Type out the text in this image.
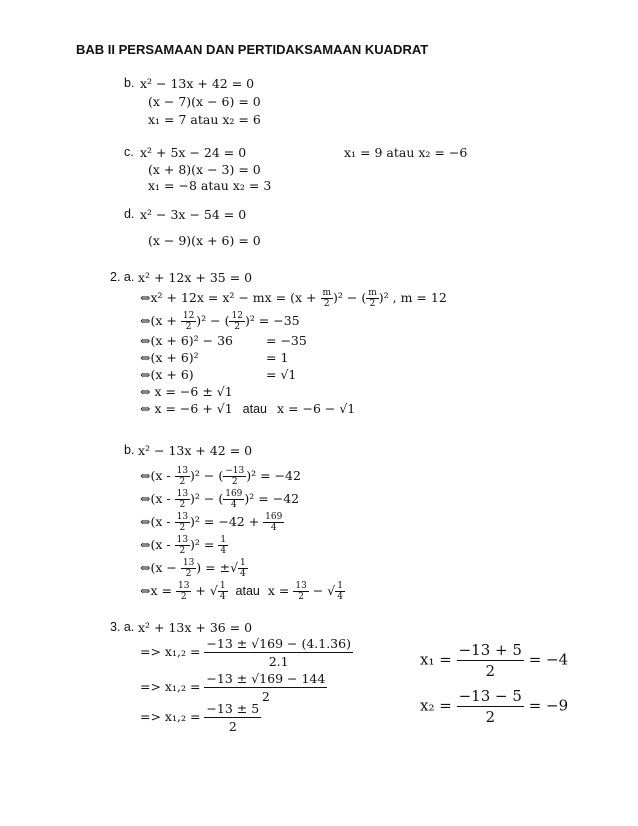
BAB II PERSAMAAN DAN PERTIDAKSAMAAN KUADRAT
b. x² − 13x + 42 = 0
(x − 7)(x − 6) = 0
x₁ = 7 atau x₂ = 6
c. x² + 5x − 24 = 0
(x + 8)(x − 3) = 0
x₁ = −8 atau x₂ = 3
x₁ = 9 atau x₂ = −6
d. x² − 3x − 54 = 0
(x − 9)(x + 6) = 0
2. a. x² + 12x + 35 = 0
⇔x² + 12x = x² − mx = $(x + \frac{m}{2} )^2$ − ( $\frac{m}{2} )^2$ , m = 12
⇔(x + $\frac{12}{2} )^2$ − ( $\frac{12}{2} )^2 = -35$
⇔(x + 6)² − 36	= −35
⇔(x + 6)²	= 1
⇔(x + 6)	= √1
⇔ x = −6 ± √1
⇔ x = −6 + √1 atau x = −6 − √1
b. x² − 13x + 42 = 0
⇔(x - $\frac{13}{2} )^2$ − ( $\frac{-13}{2} )^2 = -42$
⇔(x - $\frac{13}{2} )^2$ − ( $\frac{169}{4} )^2 = -42$
⇔(x - $\frac{13}{2} )^2 = -42 + \frac{169}{4}$
⇔(x - $\frac{13}{2} )^2 = \frac{1}{4}$
⇔(x − $\frac{13}{2}$ ) = ±√ $\frac{1}{4}$
⇔x = $\frac{13}{2}$ + √ $\frac{1}{4}$ atau $x = \frac{13}{2}$ − √ $\frac{1}{4}$
3. a. x² + 13x + 36 = 0
=> $x_1,_2 = \frac{-13 \pm √169 - (4.1.36)}{2.1}$
=> $x_1,_2 = \frac{-13 \pm √169 - 144}{2}$
=> $x_1,_2 = \frac{-13 \pm 5}{2}$
$x_1 = \frac{-13 + 5}{2} = -4$
$x_2 = \frac{-13 - 5}{2} = -9$
